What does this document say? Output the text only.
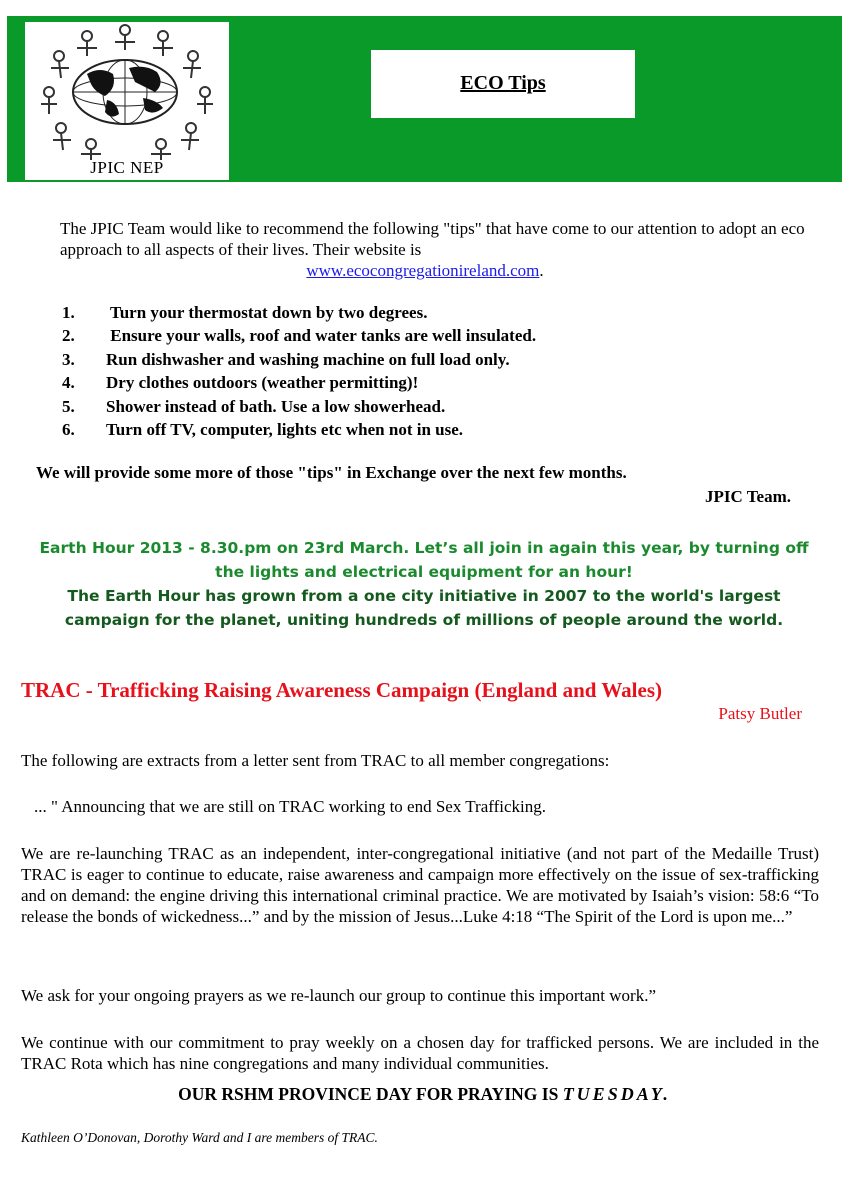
JPIC NEP
ECO Tips

The JPIC Team would like to recommend the following "tips" that have come to our attention to adopt an eco approach to all aspects of their lives. Their website is
www.ecocongregationireland.com.

1. Turn your thermostat down by two degrees.
2. Ensure your walls, roof and water tanks are well insulated.
3. Run dishwasher and washing machine on full load only.
4. Dry clothes outdoors (weather permitting)!
5. Shower instead of bath. Use a low showerhead.
6. Turn off TV, computer, lights etc when not in use.

We will provide some more of those "tips" in Exchange over the next few months.

JPIC Team.

Earth Hour 2013 - 8.30.pm on 23rd March. Let’s all join in again this year, by turning off the lights and electrical equipment for an hour!
The Earth Hour has grown from a one city initiative in 2007 to the world's largest campaign for the planet, uniting hundreds of millions of people around the world.
TRAC - Trafficking Raising Awareness Campaign (England and Wales)
Patsy Butler

The following are extracts from a letter sent from TRAC to all member congregations:

... " Announcing that we are still on TRAC working to end Sex Trafficking.

We are re-launching TRAC as an independent, inter-congregational initiative (and not part of the Medaille Trust) TRAC is eager to continue to educate, raise awareness and campaign more effectively on the issue of sex-trafficking and on demand: the engine driving this international criminal practice. We are motivated by Isaiah’s vision: 58:6 “To release the bonds of wickedness...” and by the mission of Jesus...Luke 4:18 “The Spirit of the Lord is upon me...”

We ask for your ongoing prayers as we re-launch our group to continue this important work.”

We continue with our commitment to pray weekly on a chosen day for trafficked persons. We are included in the TRAC Rota which has nine congregations and many individual communities.

OUR RSHM PROVINCE DAY FOR PRAYING IS TUESDAY.
Kathleen O’Donovan, Dorothy Ward and I are members of TRAC.
